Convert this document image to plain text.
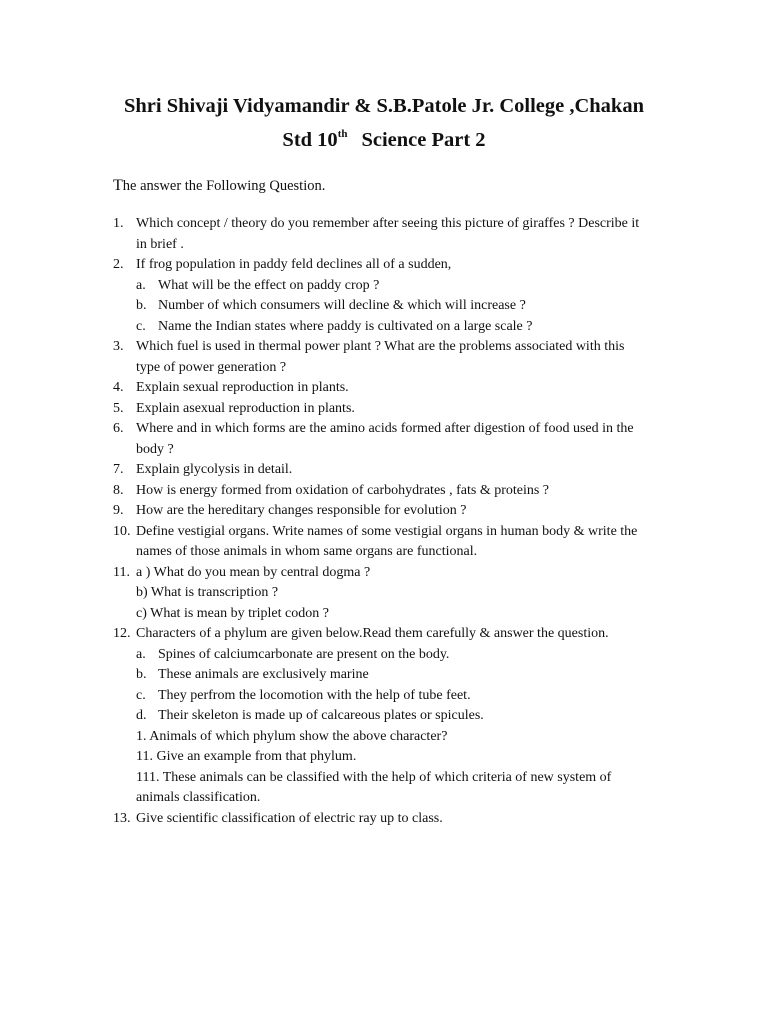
Shri Shivaji Vidyamandir & S.B.Patole Jr. College ,Chakan
Std 10th Science Part 2
The answer the Following Question.
1. Which concept / theory do you remember after seeing this picture of giraffes ? Describe it
in brief .
2. If frog population in paddy feld declines all of a sudden,
a. What will be the effect on paddy crop ?
b. Number of which consumers will decline & which will increase ?
c. Name the Indian states where paddy is cultivated on a large scale ?
3. Which fuel is used in thermal power plant ? What are the problems associated with this
type of power generation ?
4. Explain sexual reproduction in plants.
5. Explain asexual reproduction in plants.
6. Where and in which forms are the amino acids formed after digestion of food used in the
body ?
7. Explain glycolysis in detail.
8. How is energy formed from oxidation of carbohydrates , fats & proteins ?
9. How are the hereditary changes responsible for evolution ?
10. Define vestigial organs. Write names of some vestigial organs in human body & write the
names of those animals in whom same organs are functional.
11. a ) What do you mean by central dogma ?
b) What is transcription ?
c) What is mean by triplet codon ?
12. Characters of a phylum are given below.Read them carefully & answer the question.
a. Spines of calciumcarbonate are present on the body.
b. These animals are exclusively marine
c. They perfrom the locomotion with the help of tube feet.
d. Their skeleton is made up of calcareous plates or spicules.
1. Animals of which phylum show the above character?
11. Give an example from that phylum.
111. These animals can be classified with the help of which criteria of new system of
animals classification.
13. Give scientific classification of electric ray up to class.
